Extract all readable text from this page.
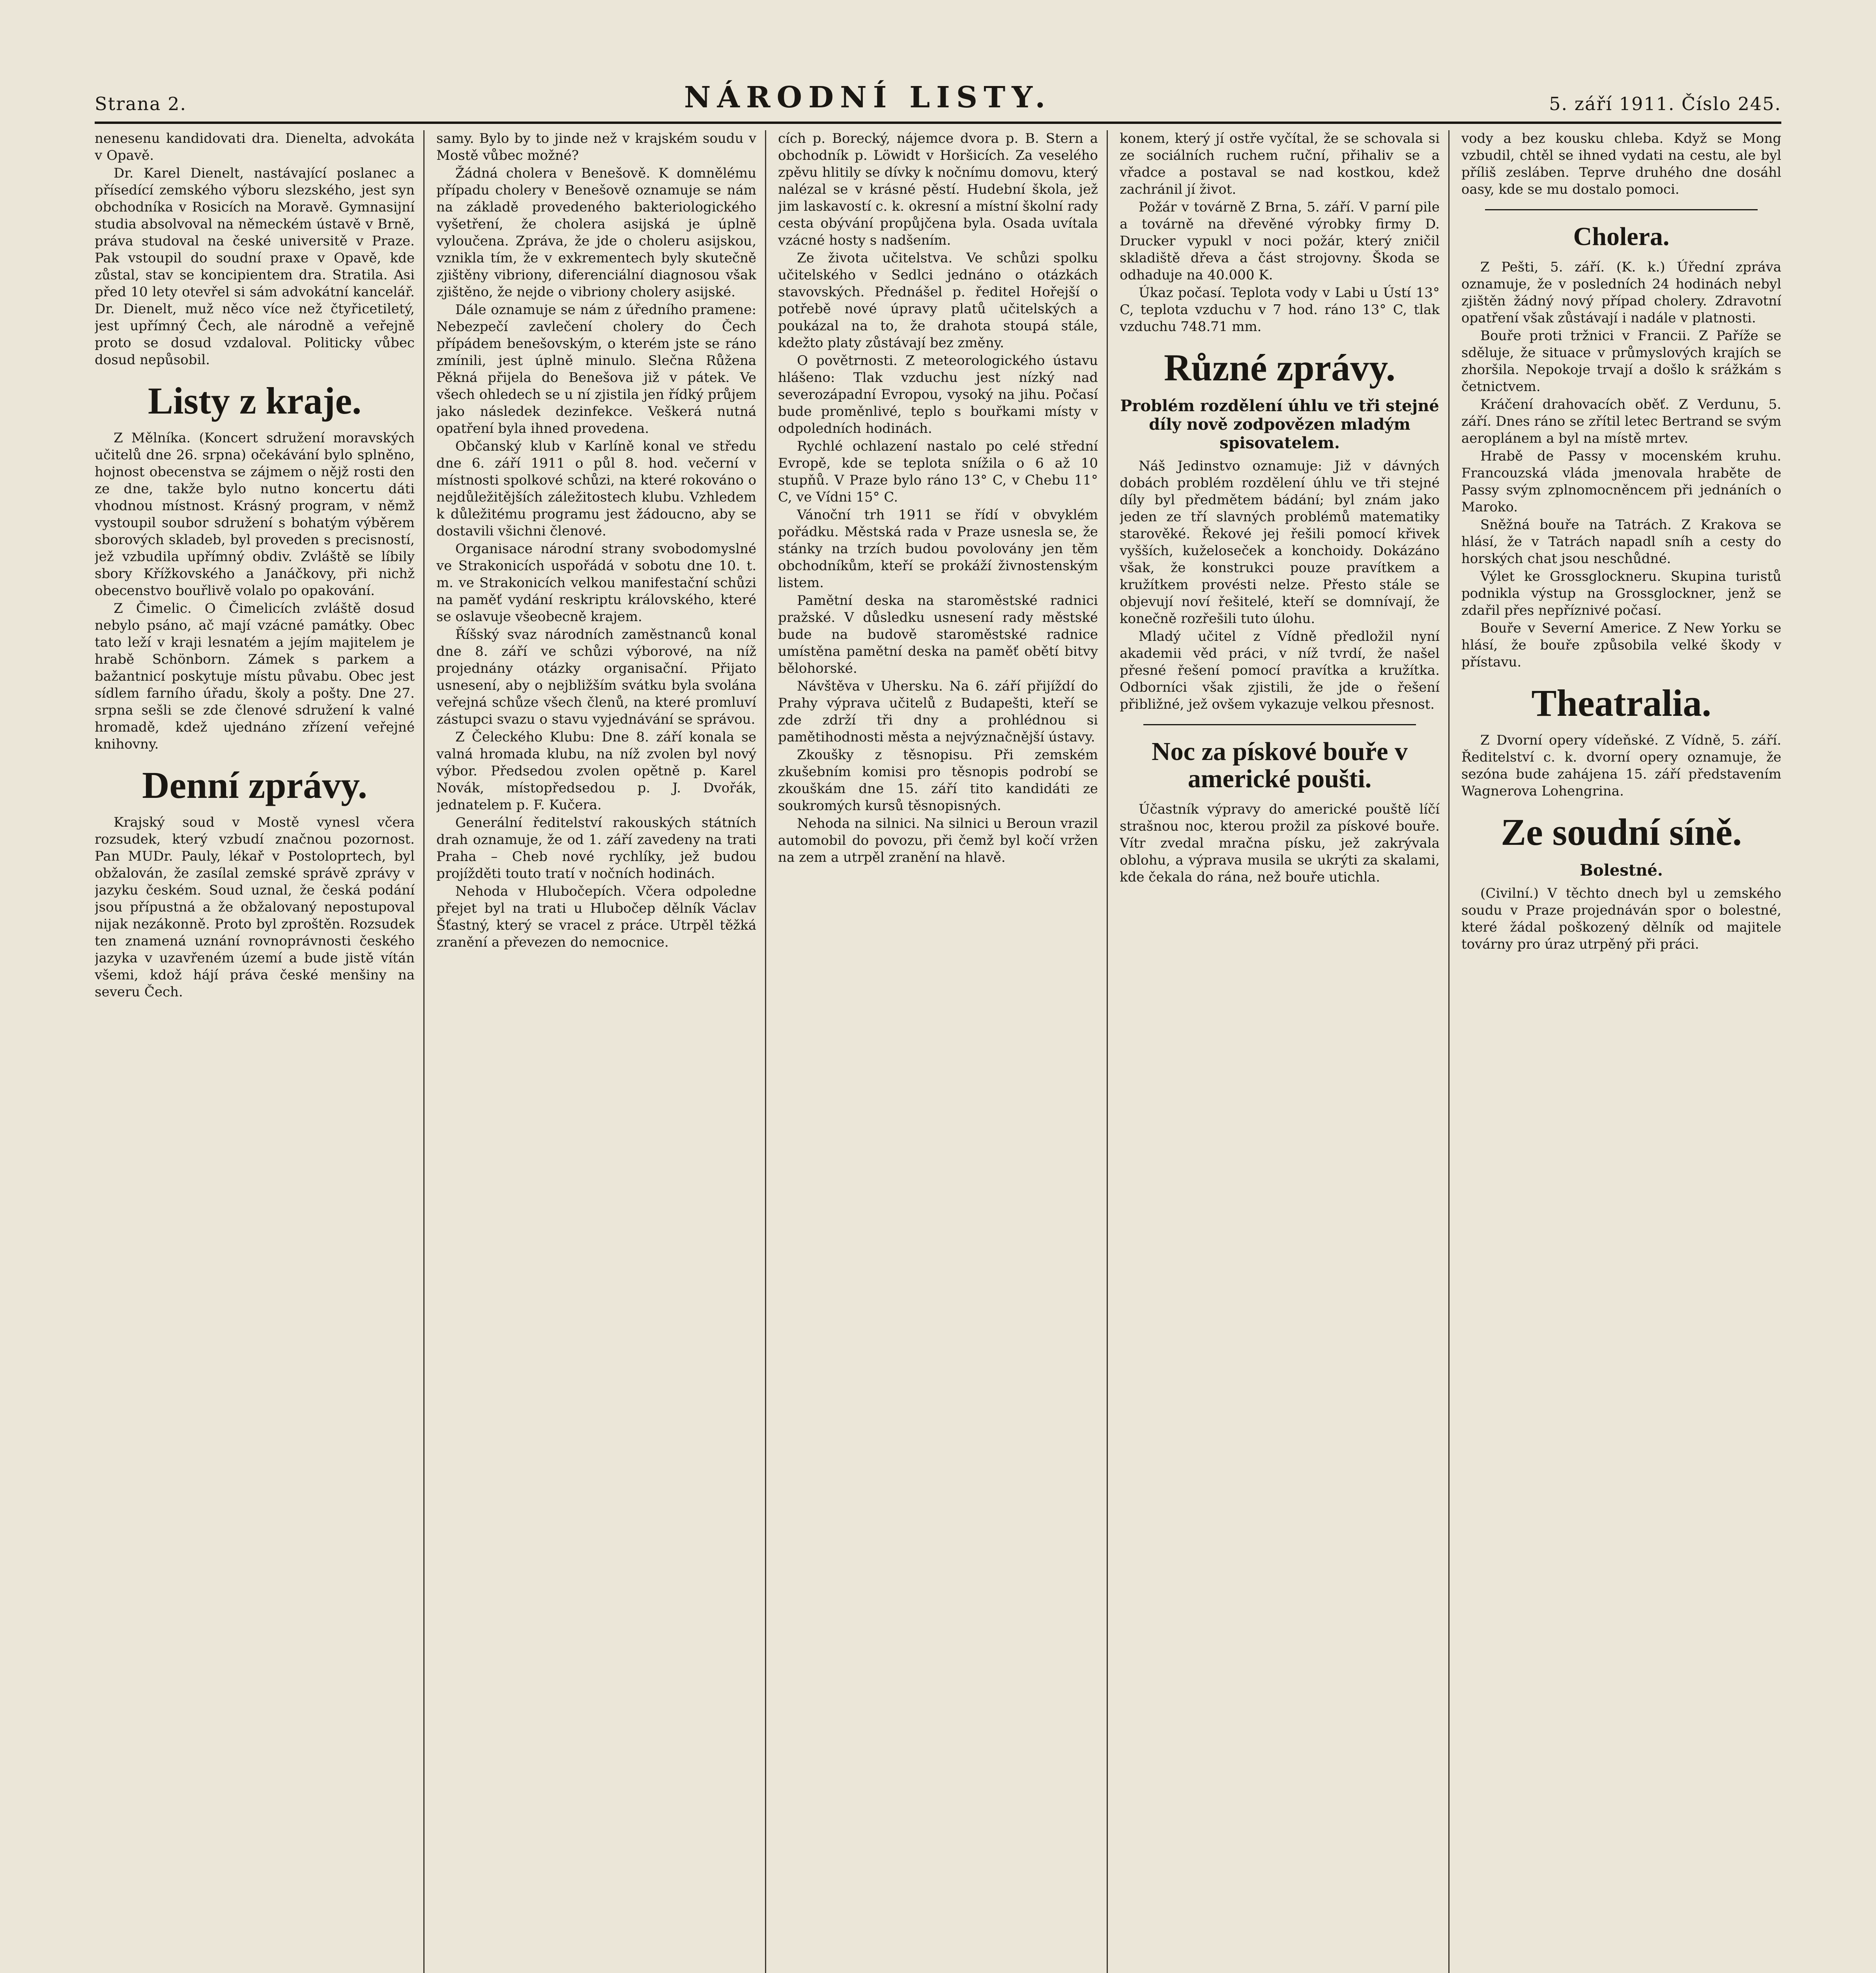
Strana 2.	NÁRODNÍ LISTY.	5. září 1911. Číslo 245.

nenesenu kandidovati dra. Dienelta, advokáta v Opavě.

Dr. Karel Dienelt, nastávající poslanec a přísedící zemského výboru slezského, jest syn obchodníka v Rosicích na Moravě. Gymnasijní studia absolvoval na německém ústavě v Brně, práva studoval na české universitě v Praze. Pak vstoupil do soudní praxe v Opavě, kde zůstal, stav se koncipientem dra. Stratila. Asi před 10 lety otevřel si sám advokátní kancelář. Dr. Dienelt, muž něco více než čtyřicetiletý, jest upřímný Čech, ale národně a veřejně proto se dosud vzdaloval. Politicky vůbec dosud nepůsobil.

Listy z kraje.

Z Mělníka. (Koncert sdružení moravských učitelů dne 26. srpna) očekávání bylo splněno, hojnost obecenstva se zájmem o nějž rosti den ze dne, takže bylo nutno koncertu dáti vhodnou místnost. Krásný program, v němž vystoupil soubor sdružení s bohatým výběrem sborových skladeb, byl proveden s precisností, jež vzbudila upřímný obdiv. Zvláště se líbily sbory Křížkovského a Janáčkovy, při nichž obecenstvo bouřlivě volalo po opakování.

Z Čimelic. O Čimelicích zvláště dosud nebylo psáno, ač mají vzácné památky. Obec tato leží v kraji lesnatém a jejím majitelem je hrabě Schönborn. Zámek s parkem a bažantnicí poskytuje místu půvabu. Obec jest sídlem farního úřadu, školy a pošty. Dne 27. srpna sešli se zde členové sdružení k valné hromadě, kdež ujednáno zřízení veřejné knihovny.

Denní zprávy.

Krajský soud v Mostě vynesl včera rozsudek, který vzbudí značnou pozornost. Pan MUDr. Pauly, lékař v Postoloprtech, byl obžalován, že zasílal zemské správě zprávy v jazyku českém. Soud uznal, že česká podání jsou přípustná a že obžalovaný nepostupoval nijak nezákonně. Proto byl zproštěn. Rozsudek ten znamená uznání rovnoprávnosti českého jazyka v uzavřeném území a bude jistě vítán všemi, kdož hájí práva české menšiny na severu Čech.

samy. Bylo by to jinde než v krajském soudu v Mostě vůbec možné?

Žádná cholera v Benešově. K domnělému případu cholery v Benešově oznamuje se nám na základě provedeného bakteriologického vyšetření, že cholera asijská je úplně vyloučena. Zpráva, že jde o choleru asijskou, vznikla tím, že v exkrementech byly skutečně zjištěny vibriony, diferenciální diagnosou však zjištěno, že nejde o vibriony cholery asijské.

Dále oznamuje se nám z úředního pramene: Nebezpečí zavlečení cholery do Čech přípádem benešovským, o kterém jste se ráno zmínili, jest úplně minulo. Slečna Růžena Pěkná přijela do Benešova již v pátek. Ve všech ohledech se u ní zjistila jen řídký průjem jako následek dezinfekce. Veškerá nutná opatření byla ihned provedena.

Občanský klub v Karlíně konal ve středu dne 6. září 1911 o půl 8. hod. večerní v místnosti spolkové schůzi, na které rokováno o nejdůležitějších záležitostech klubu. Vzhledem k důležitému programu jest žádoucno, aby se dostavili všichni členové.

Organisace národní strany svobodomyslné ve Strakonicích uspořádá v sobotu dne 10. t. m. ve Strakonicích velkou manifestační schůzi na paměť vydání reskriptu královského, které se oslavuje všeobecně krajem.

Říšský svaz národních zaměstnanců konal dne 8. září ve schůzi výborové, na níž projednány otázky organisační. Přijato usnesení, aby o nejbližším svátku byla svolána veřejná schůze všech členů, na které promluví zástupci svazu o stavu vyjednávání se správou.

Z Čeleckého Klubu: Dne 8. září konala se valná hromada klubu, na níž zvolen byl nový výbor. Předsedou zvolen opětně p. Karel Novák, místopředsedou p. J. Dvořák, jednatelem p. F. Kučera.

Generální ředitelství rakouských státních drah oznamuje, že od 1. září zavedeny na trati Praha – Cheb nové rychlíky, jež budou projížděti touto tratí v nočních hodinách.

Nehoda v Hlubočepích. Včera odpoledne přejet byl na trati u Hlubočep dělník Václav Šťastný, který se vracel z práce. Utrpěl těžká zranění a převezen do nemocnice.

cích p. Borecký, nájemce dvora p. B. Stern a obchodník p. Löwidt v Horšicích. Za veselého zpěvu hlitily se dívky k nočnímu domovu, který nalézal se v krásné pěstí. Hudební škola, jež jim laskavostí c. k. okresní a místní školní rady cesta obývání propůjčena byla. Osada uvítala vzácné hosty s nadšením.

Ze života učitelstva. Ve schůzi spolku učitelského v Sedlci jednáno o otázkách stavovských. Přednášel p. ředitel Hořejší o potřebě nové úpravy platů učitelských a poukázal na to, že drahota stoupá stále, kdežto platy zůstávají bez změny.

O povětrnosti. Z meteorologického ústavu hlášeno: Tlak vzduchu jest nízký nad severozápadní Evropou, vysoký na jihu. Počasí bude proměnlivé, teplo s bouřkami místy v odpoledních hodinách.

Rychlé ochlazení nastalo po celé střední Evropě, kde se teplota snížila o 6 až 10 stupňů. V Praze bylo ráno 13° C, v Chebu 11° C, ve Vídni 15° C.

Vánoční trh 1911 se řídí v obvyklém pořádku. Městská rada v Praze usnesla se, že stánky na trzích budou povolovány jen těm obchodníkům, kteří se prokáží živnostenským listem.

Pamětní deska na staroměstské radnici pražské. V důsledku usnesení rady městské bude na budově staroměstské radnice umístěna pamětní deska na paměť obětí bitvy bělohorské.

Návštěva v Uhersku. Na 6. září přijíždí do Prahy výprava učitelů z Budapešti, kteří se zde zdrží tři dny a prohlédnou si pamětihodnosti města a nejvýznačnější ústavy.

Zkoušky z těsnopisu. Při zemském zkušebním komisi pro těsnopis podrobí se zkouškám dne 15. září tito kandidáti ze soukromých kursů těsnopisných.

Nehoda na silnici. Na silnici u Beroun vrazil automobil do povozu, při čemž byl kočí vržen na zem a utrpěl zranění na hlavě.

konem, který jí ostře vyčítal, že se schovala si ze sociálních ruchem ruční, přihaliv se a vřadce a postaval se nad kostkou, kdež zachránil jí život.

Požár v továrně Z Brna, 5. září. V parní pile a továrně na dřevěné výrobky firmy D. Drucker vypukl v noci požár, který zničil skladiště dřeva a část strojovny. Škoda se odhaduje na 40.000 K.

Úkaz počasí. Teplota vody v Labi u Ústí 13° C, teplota vzduchu v 7 hod. ráno 13° C, tlak vzduchu 748.71 mm.

Různé zprávy.
Problém rozdělení úhlu ve tři stejné díly nově zodpovězen mladým spisovatelem.

Náš Jedinstvo oznamuje: Již v dávných dobách problém rozdělení úhlu ve tři stejné díly byl předmětem bádání; byl znám jako jeden ze tří slavných problémů matematiky starověké. Řekové jej řešili pomocí křivek vyšších, kuželoseček a konchoidy. Dokázáno však, že konstrukci pouze pravítkem a kružítkem provésti nelze. Přesto stále se objevují noví řešitelé, kteří se domnívají, že konečně rozřešili tuto úlohu.

Mladý učitel z Vídně předložil nyní akademii věd práci, v níž tvrdí, že našel přesné řešení pomocí pravítka a kružítka. Odborníci však zjistili, že jde o řešení přibližné, jež ovšem vykazuje velkou přesnost.

Noc za pískové bouře v americké poušti.

Účastník výpravy do americké pouště líčí strašnou noc, kterou prožil za pískové bouře. Vítr zvedal mračna písku, jež zakrývala oblohu, a výprava musila se ukrýti za skalami, kde čekala do rána, než bouře utichla.

vody a bez kousku chleba. Když se Mong vzbudil, chtěl se ihned vydati na cestu, ale byl příliš zesláben. Teprve druhého dne dosáhl oasy, kde se mu dostalo pomoci.

Cholera.

Z Pešti, 5. září. (K. k.) Úřední zpráva oznamuje, že v posledních 24 hodinách nebyl zjištěn žádný nový případ cholery. Zdravotní opatření však zůstávají i nadále v platnosti.

Bouře proti tržnici v Francii. Z Paříže se sděluje, že situace v průmyslových krajích se zhoršila. Nepokoje trvají a došlo k srážkám s četnictvem.

Kráčení drahovacích oběť. Z Verdunu, 5. září. Dnes ráno se zřítil letec Bertrand se svým aeroplánem a byl na místě mrtev.

Hrabě de Passy v mocenském kruhu. Francouzská vláda jmenovala hraběte de Passy svým zplnomocněncem při jednáních o Maroko.

Sněžná bouře na Tatrách. Z Krakova se hlásí, že v Tatrách napadl sníh a cesty do horských chat jsou neschůdné.

Výlet ke Grossglockneru. Skupina turistů podnikla výstup na Grossglockner, jenž se zdařil přes nepříznivé počasí.

Bouře v Severní Americe. Z New Yorku se hlásí, že bouře způsobila velké škody v přístavu.

Theatralia.

Z Dvorní opery vídeňské. Z Vídně, 5. září. Ředitelství c. k. dvorní opery oznamuje, že sezóna bude zahájena 15. září představením Wagnerova Lohengrina.

Ze soudní síně.
Bolestné.

(Civilní.) V těchto dnech byl u zemského soudu v Praze projednáván spor o bolestné, které žádal poškozený dělník od majitele továrny pro úraz utrpěný při práci.
